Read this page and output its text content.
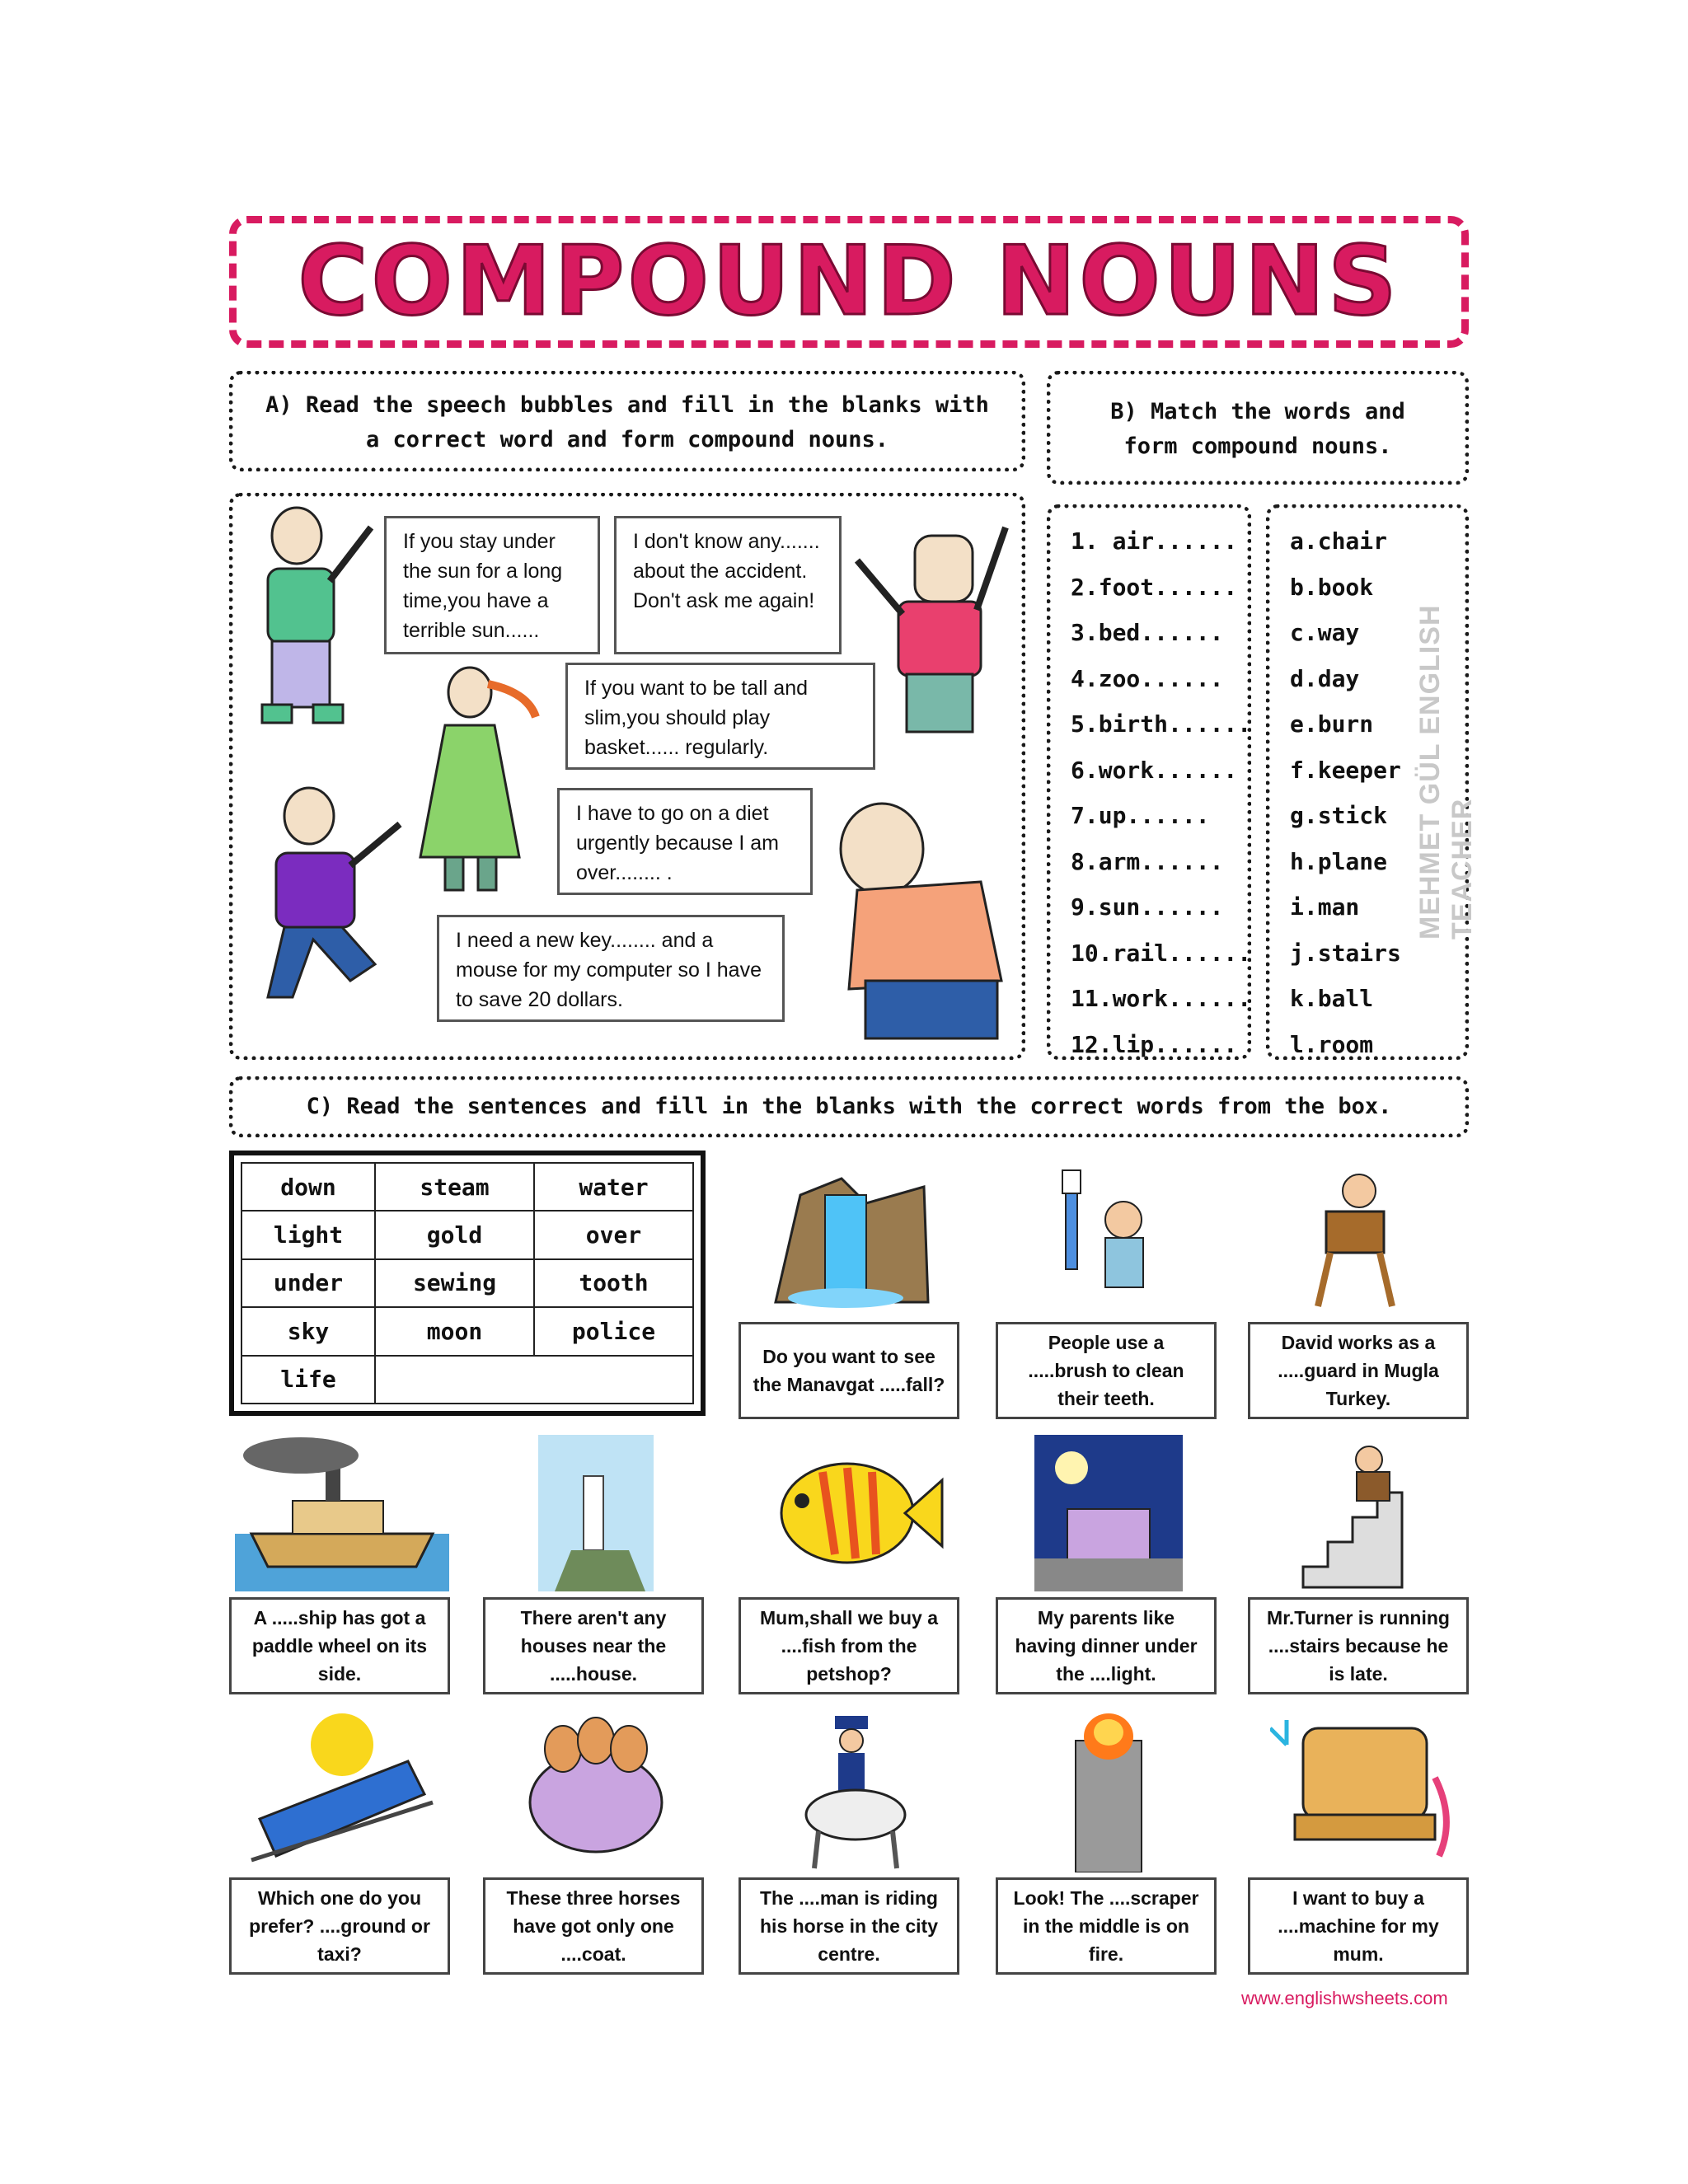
COMPOUND NOUNS
A) Read the speech bubbles and fill in the blanks with
a correct word and form compound nouns.
B) Match the words and
form compound nouns.
If you stay under the sun for a long time,you have a terrible sun......
I don't know any....... about the accident. Don't ask me again!
If you want to be tall and slim,you should play basket...... regularly.
I have to go on a diet urgently because I am over........ .
I need a new key........ and a mouse for my computer so I have to save 20 dollars.
1. air......
2.foot......
3.bed......
4.zoo......
5.birth......
6.work......
7.up......
8.arm......
9.sun......
10.rail......
11.work......
12.lip......
a.chair
b.book
c.way
d.day
e.burn
f.keeper
g.stick
h.plane
i.man
j.stairs
k.ball
l.room
MEHMET GÜL ENGLISH TEACHER
C) Read the sentences and fill in the blanks with the correct words from the box.
down	steam	water
light	gold	over
under	sewing	tooth
sky	moon	police
life		
Do you want to see the Manavgat .....fall?
People use a .....brush to clean their teeth.
David works as a .....guard in Mugla Turkey.
A .....ship has got a paddle wheel on its side.
There aren't any houses near the .....house.
Mum,shall we buy a ....fish from the petshop?
My parents like having dinner under the ....light.
Mr.Turner is running ....stairs because he is late.
Which one do you prefer? ....ground or taxi?
These three horses have got only one ....coat.
The ....man is riding his horse in the city centre.
Look! The ....scraper in the middle is on fire.
I want to buy a ....machine for my mum.
www.englishwsheets.com
